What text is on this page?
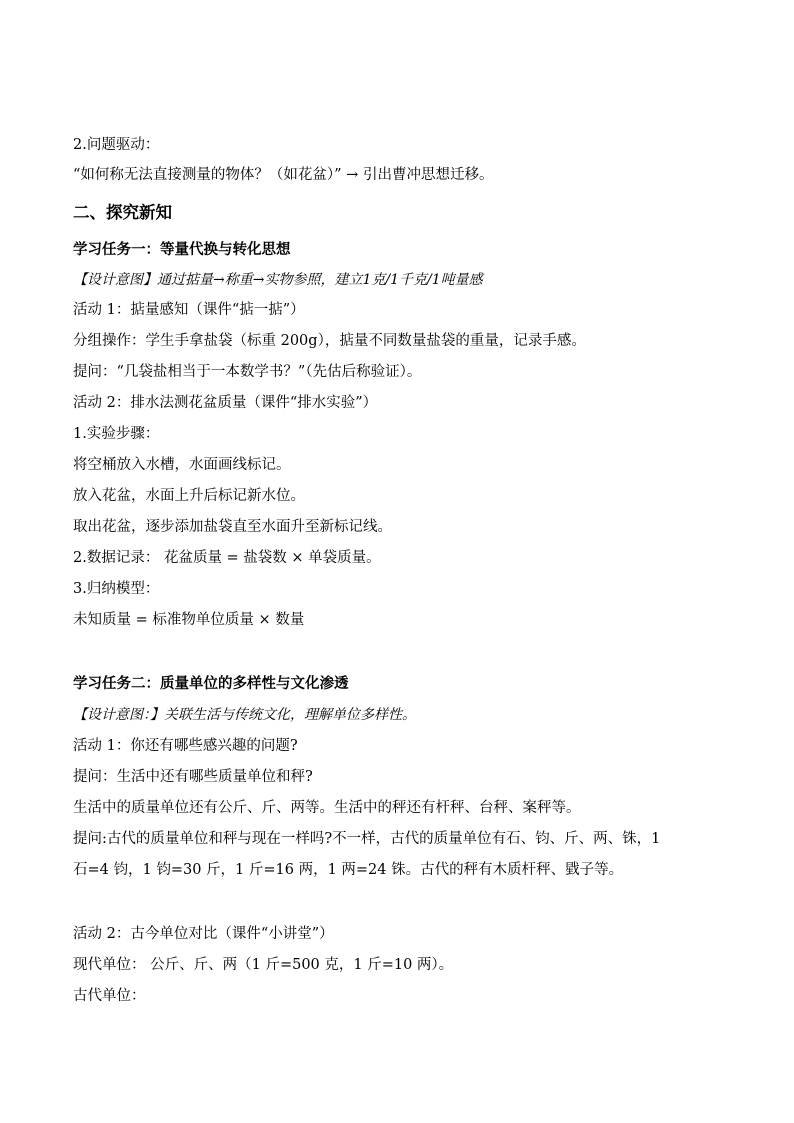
2.问题驱动：
“如何称无法直接测量的物体？（如花盆）” → 引出曹冲思想迁移。
二、探究新知
学习任务一：等量代换与转化思想
【设计意图】通过掂量→称重→实物参照，建立1克/1千克/1吨量感
活动 1：掂量感知（课件“掂一掂”）
分组操作：学生手拿盐袋（标重 200g），掂量不同数量盐袋的重量，记录手感。
提问：“几袋盐相当于一本数学书？”（先估后称验证）。
活动 2：排水法测花盆质量（课件“排水实验”）
1.实验步骤：
将空桶放入水槽，水面画线标记。
放入花盆，水面上升后标记新水位。
取出花盆，逐步添加盐袋直至水面升至新标记线。
2.数据记录： 花盆质量 = 盐袋数 × 单袋质量。
3.归纳模型：
未知质量 = 标准物单位质量 × 数量
学习任务二：质量单位的多样性与文化渗透
【设计意图：】关联生活与传统文化，理解单位多样性。
活动 1：你还有哪些感兴趣的问题?
提问：生活中还有哪些质量单位和秤?
生活中的质量单位还有公斤、斤、两等。生活中的秤还有杆秤、台秤、案秤等。
提问:古代的质量单位和秤与现在一样吗?不一样，古代的质量单位有石、钧、斤、两、铢，1
石=4 钧，1 钧=30 斤，1 斤=16 两，1 两=24 铢。古代的秤有木质杆秤、戥子等。
活动 2：古今单位对比（课件“小讲堂”）
现代单位： 公斤、斤、两（1 斤=500 克，1 斤=10 两）。
古代单位：
